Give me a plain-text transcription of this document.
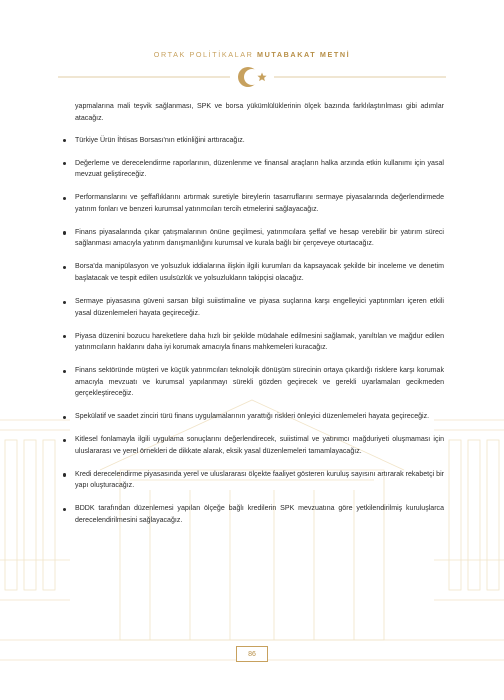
ORTAK POLİTİKALAR MUTABAKAT METNİ

yapmalarına mali teşvik sağlanması, SPK ve borsa yükümlülüklerinin ölçek bazında farklılaştırılması gibi adımlar atacağız.

Türkiye Ürün İhtisas Borsası'nın etkinliğini arttıracağız.
Değerleme ve derecelendirme raporlarının, düzenlenme ve finansal araçların halka arzında etkin kullanımı için yasal mevzuat geliştireceğiz.
Performanslarını ve şeffaflıklarını artırmak suretiyle bireylerin tasarruflarını sermaye piyasalarında değerlendirmede yatırım fonları ve benzeri kurumsal yatırımcıları tercih etmelerini sağlayacağız.
Finans piyasalarında çıkar çatışmalarının önüne geçilmesi, yatırımcılara şeffaf ve hesap verebilir bir yatırım süreci sağlanması amacıyla yatırım danışmanlığını kurumsal ve kurala bağlı bir çerçeveye oturtacağız.
Borsa'da manipülasyon ve yolsuzluk iddialarına ilişkin ilgili kurumları da kapsayacak şekilde bir inceleme ve denetim başlatacak ve tespit edilen usulsüzlük ve yolsuzlukların takipçisi olacağız.
Sermaye piyasasına güveni sarsan bilgi suiistimaline ve piyasa suçlarına karşı engelleyici yaptırımları içeren etkili yasal düzenlemeleri hayata geçireceğiz.
Piyasa düzenini bozucu hareketlere daha hızlı bir şekilde müdahale edilmesini sağlamak, yanıltılan ve mağdur edilen yatırımcıların haklarını daha iyi korumak amacıyla finans mahkemeleri kuracağız.
Finans sektöründe müşteri ve küçük yatırımcıları teknolojik dönüşüm sürecinin ortaya çıkardığı risklere karşı korumak amacıyla mevzuatı ve kurumsal yapılanmayı sürekli gözden geçirecek ve gerekli uyarlamaları gecikmeden gerçekleştireceğiz.
Spekülatif ve saadet zinciri türü finans uygulamalarının yarattığı riskleri önleyici düzenlemeleri hayata geçireceğiz.
Kitlesel fonlamayla ilgili uygulama sonuçlarını değerlendirecek, suiistimal ve yatırımcı mağduriyeti oluşmaması için uluslararası ve yerel örnekleri de dikkate alarak, eksik yasal düzenlemeleri tamamlayacağız.
Kredi derecelendirme piyasasında yerel ve uluslararası ölçekte faaliyet gösteren kuruluş sayısını artırarak rekabetçi bir yapı oluşturacağız.
BDDK tarafından düzenlemesi yapılan ölçeğe bağlı kredilerin SPK mevzuatına göre yetkilendirilmiş kuruluşlarca derecelendirilmesini sağlayacağız.
86
